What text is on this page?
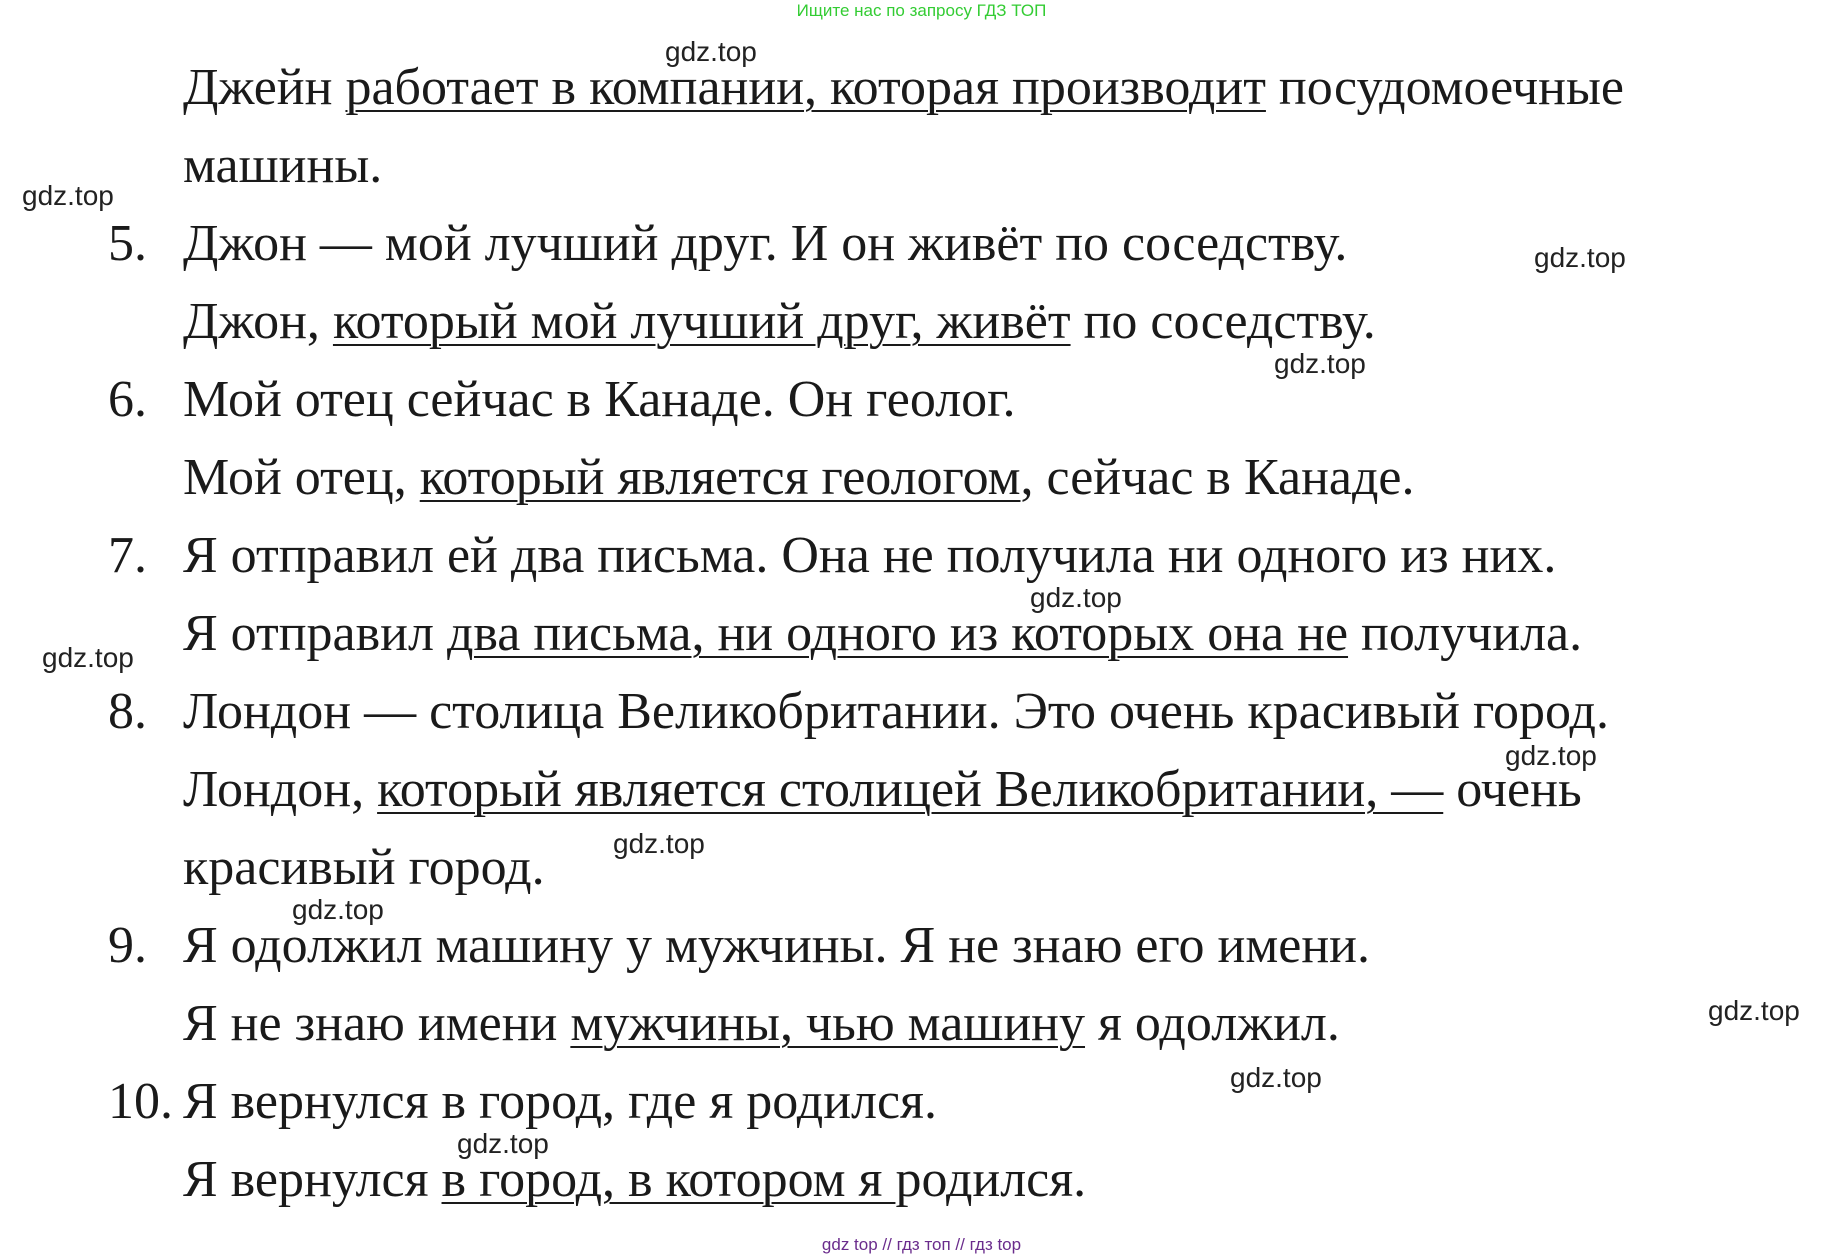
Ищите нас по запросу ГДЗ ТОП
Джейн работает в компании, которая производит посудомоечные
машины.
5. Джон — мой лучший друг. И он живёт по соседству.
Джон, который мой лучший друг, живёт по соседству.
6. Мой отец сейчас в Канаде. Он геолог.
Мой отец, который является геологом, сейчас в Канаде.
7. Я отправил ей два письма. Она не получила ни одного из них.
Я отправил два письма, ни одного из которых она не получила.
8. Лондон — столица Великобритании. Это очень красивый город.
Лондон, который является столицей Великобритании, — очень
красивый город.
9. Я одолжил машину у мужчины. Я не знаю его имени.
Я не знаю имени мужчины, чью машину я одолжил.
10. Я вернулся в город, где я родился.
Я вернулся в город, в котором я родился.
gdz.top
gdz.top
gdz.top
gdz.top
gdz.top
gdz.top
gdz.top
gdz.top
gdz.top
gdz.top
gdz.top
gdz.top
gdz top // гдз топ // гдз top
